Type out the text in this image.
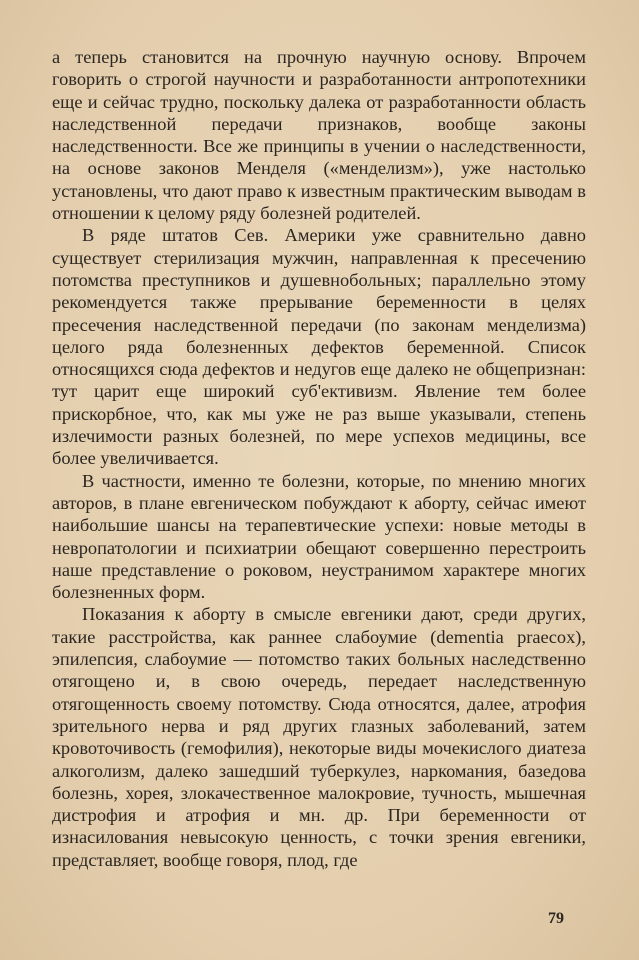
а теперь становится на прочную научную основу. Впрочем говорить о строгой научности и разработанности антропотехники еще и сейчас трудно, поскольку далека от разработанности область наследственной передачи признаков, вообще законы наследственности. Все же принципы в учении о наследственности, на основе законов Менделя («менделизм»), уже настолько установлены, что дают право к известным практическим выводам в отношении к целому ряду болезней родителей.

В ряде штатов Сев. Америки уже сравнительно давно существует стерилизация мужчин, направленная к пресечению потомства преступников и душевнобольных; параллельно этому рекомендуется также прерывание беременности в целях пресечения наследственной передачи (по законам менделизма) целого ряда болезненных дефектов беременной. Список относящихся сюда дефектов и недугов еще далеко не общепризнан: тут царит еще широкий суб'ективизм. Явление тем более прискорбное, что, как мы уже не раз выше указывали, степень излечимости разных болезней, по мере успехов медицины, все более увеличивается.

В частности, именно те болезни, которые, по мнению многих авторов, в плане евгеническом побуждают к аборту, сейчас имеют наибольшие шансы на терапевтические успехи: новые методы в невропатологии и психиатрии обещают совершенно перестроить наше представление о роковом, неустранимом характере многих болезненных форм.

Показания к аборту в смысле евгеники дают, среди других, такие расстройства, как раннее слабоумие (dementia praecox), эпилепсия, слабоумие — потомство таких больных наследственно отягощено и, в свою очередь, передает наследственную отягощенность своему потомству. Сюда относятся, далее, атрофия зрительного нерва и ряд других глазных заболеваний, затем кровоточивость (гемофилия), некоторые виды мочекислого диатеза алкоголизм, далеко зашедший туберкулез, наркомания, базедова болезнь, хорея, злокачественное малокровие, тучность, мышечная дистрофия и атрофия и мн. др. При беременности от изнасилования невысокую ценность, с точки зрения евгеники, представляет, вообще говоря, плод, где

79
